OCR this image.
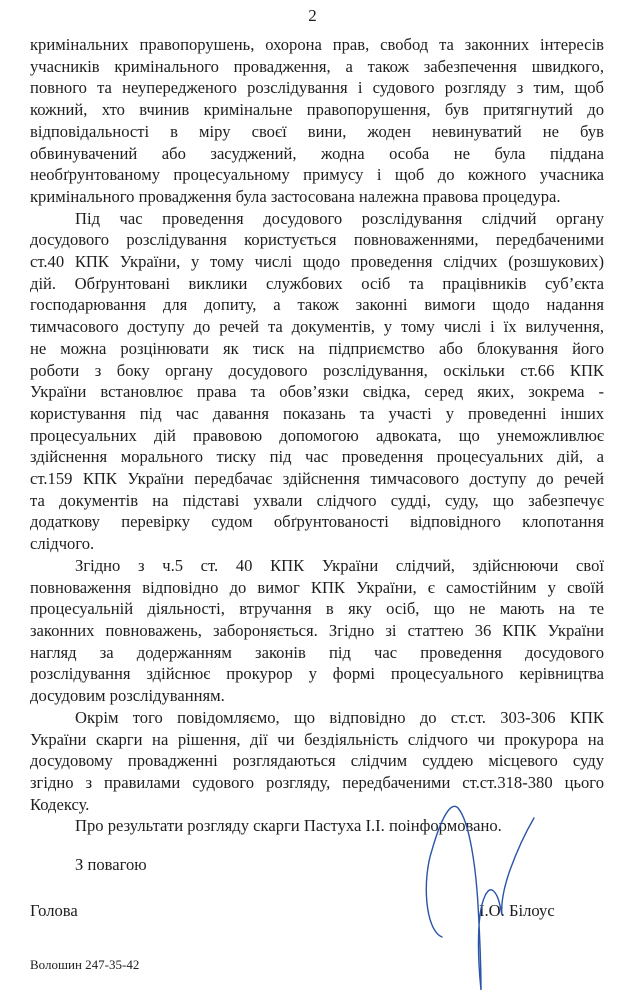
2
кримінальних правопорушень, охорона прав, свобод та законних інтересів
учасників кримінального провадження, а також забезпечення швидкого,
повного та неупередженого розслідування і судового розгляду з тим, щоб
кожний, хто вчинив кримінальне правопорушення, був притягнутий до
відповідальності в міру своєї вини, жоден невинуватий не був
обвинувачений або засуджений, жодна особа не була піддана
необґрунтованому процесуальному примусу і щоб до кожного учасника
кримінального провадження була застосована належна правова процедура.
Під час проведення досудового розслідування слідчий органу
досудового розслідування користується повноваженнями, передбаченими
ст.40 КПК України, у тому числі щодо проведення слідчих (розшукових)
дій. Обґрунтовані виклики службових осіб та працівників суб’єкта
господарювання для допиту, а також законні вимоги щодо надання
тимчасового доступу до речей та документів, у тому числі і їх вилучення,
не можна розцінювати як тиск на підприємство або блокування його
роботи з боку органу досудового розслідування, оскільки ст.66 КПК
України встановлює права та обов’язки свідка, серед яких, зокрема -
користування під час давання показань та участі у проведенні інших
процесуальних дій правовою допомогою адвоката, що унеможливлює
здійснення морального тиску під час проведення процесуальних дій, а
ст.159 КПК України передбачає здійснення тимчасового доступу до речей
та документів на підставі ухвали слідчого судді, суду, що забезпечує
додаткову перевірку судом обґрунтованості відповідного клопотання
слідчого.
Згідно з ч.5 ст. 40 КПК України слідчий, здійснюючи свої
повноваження відповідно до вимог КПК України, є самостійним у своїй
процесуальній діяльності, втручання в яку осіб, що не мають на те
законних повноважень, забороняється. Згідно зі статтею 36 КПК України
нагляд за додержанням законів під час проведення досудового
розслідування здійснює прокурор у формі процесуального керівництва
досудовим розслідуванням.
Окрім того повідомляємо, що відповідно до ст.ст. 303-306 КПК
України скарги на рішення, дії чи бездіяльність слідчого чи прокурора на
досудовому провадженні розглядаються слідчим суддею місцевого суду
згідно з правилами судового розгляду, передбаченими ст.ст.318-380 цього
Кодексу.
Про результати розгляду скарги Пастуха І.І. поінформовано.
З повагою
Голова	І.О. Білоус
Волошин 247-35-42
